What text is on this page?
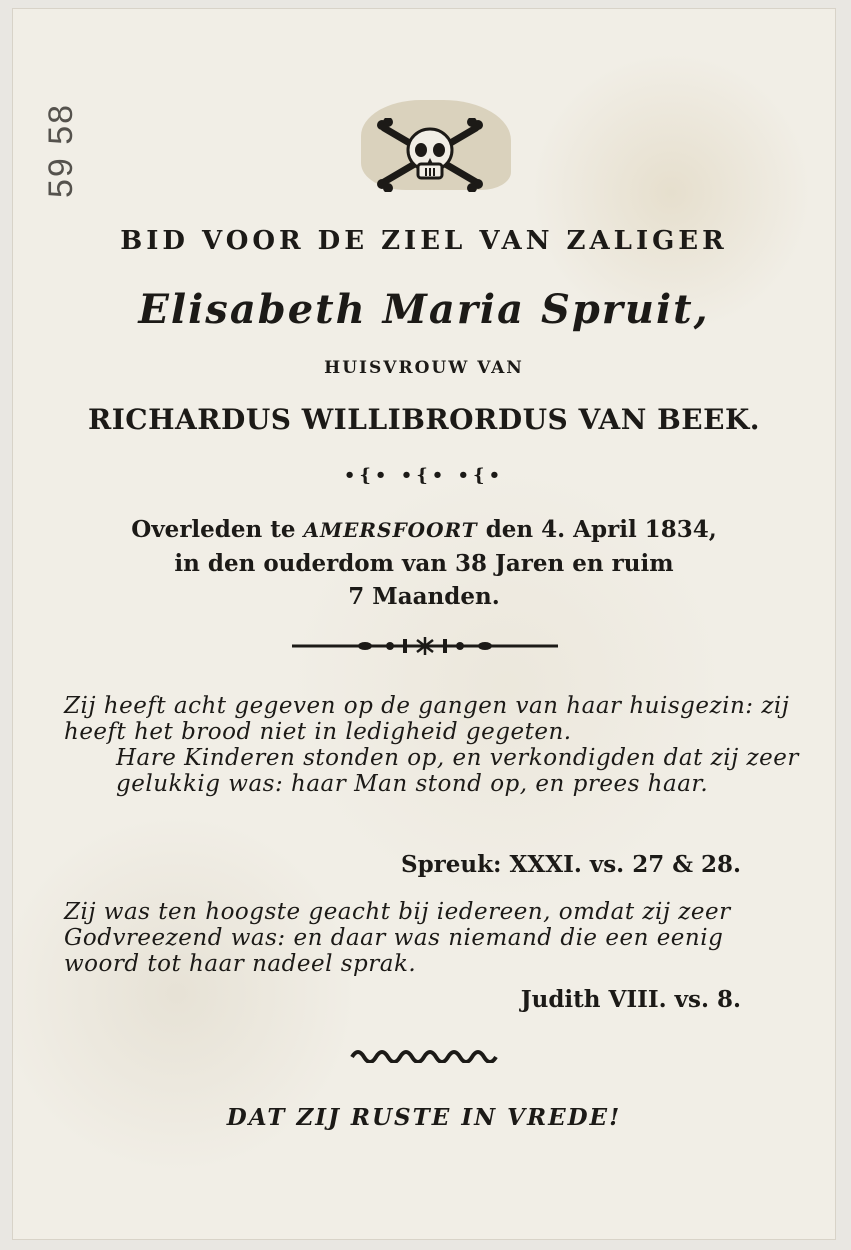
59 58
BID VOOR DE ZIEL VAN ZALIGER
Elisabeth Maria Spruit,
HUISVROUW VAN
RICHARDUS WILLIBRORDUS VAN BEEK.
•{• •{• •{•
Overleden te AMERSFOORT den 4. April 1834,
in den ouderdom van 38 Jaren en ruim
7 Maanden.
Zij heeft acht gegeven op de gangen van haar huisgezin: zij heeft het brood niet in ledigheid gegeten.
Hare Kinderen stonden op, en verkondigden dat zij zeer gelukkig was: haar Man stond op, en prees haar.
Spreuk: XXXI. vs. 27 & 28.
Zij was ten hoogste geacht bij iedereen, omdat zij zeer Godvreezend was: en daar was niemand die een eenig woord tot haar nadeel sprak.
Judith VIII. vs. 8.
DAT ZIJ RUSTE IN VREDE!
